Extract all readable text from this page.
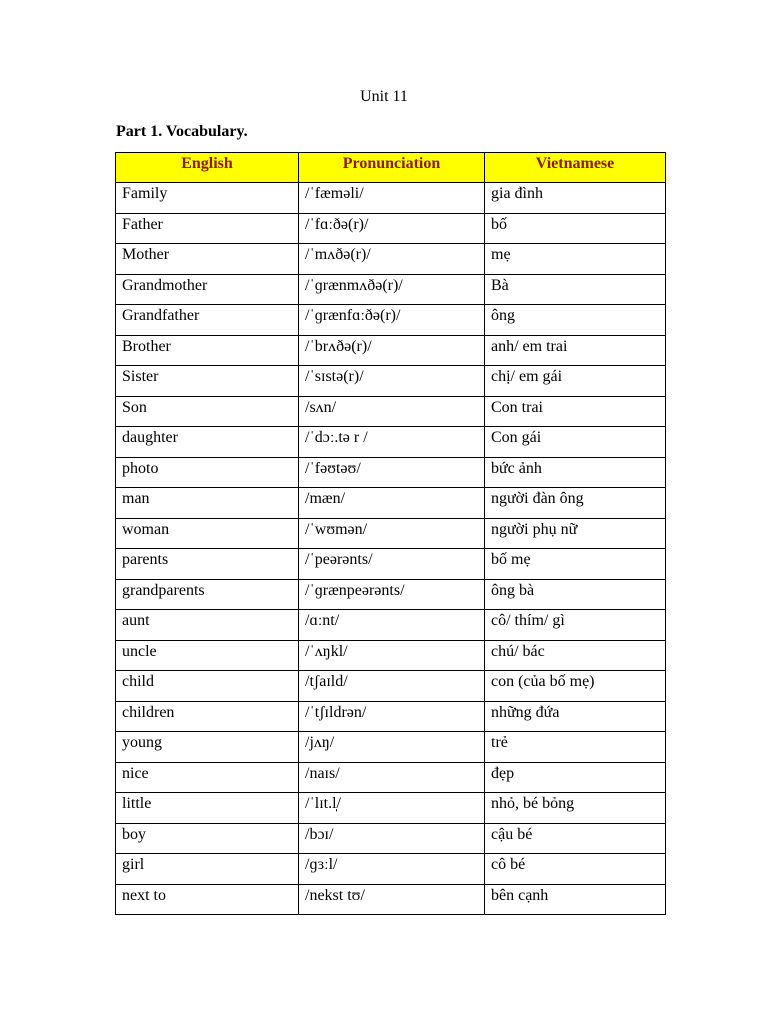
Unit 11
Part 1. Vocabulary.
English	Pronunciation	Vietnamese
Family	/ˈfæməli/	gia đình
Father	/ˈfɑːðə(r)/	bố
Mother	/ˈmʌðə(r)/	mẹ
Grandmother	/ˈɡrænmʌðə(r)/	Bà
Grandfather	/ˈɡrænfɑːðə(r)/	ông
Brother	/ˈbrʌðə(r)/	anh/ em trai
Sister	/ˈsɪstə(r)/	chị/ em gái
Son	/sʌn/	Con trai
daughter	/ˈdɔː.tə r /	Con gái
photo	/ˈfəʊtəʊ/	bức ảnh
man	/mæn/	người đàn ông
woman	/ˈwʊmən/	người phụ nữ
parents	/ˈpeərənts/	bố mẹ
grandparents	/ˈɡrænpeərənts/	ông bà
aunt	/ɑːnt/	cô/ thím/ gì
uncle	/ˈʌŋkl/	chú/ bác
child	/tʃaɪld/	con (của bố mẹ)
children	/ˈtʃɪldrən/	những đứa
young	/jʌŋ/	trẻ
nice	/naɪs/	đẹp
little	/ˈlɪt.l̩/	nhỏ, bé bỏng
boy	/bɔɪ/	cậu bé
girl	/ɡɜːl/	cô bé
next to	/nekst tʊ/	bên cạnh
